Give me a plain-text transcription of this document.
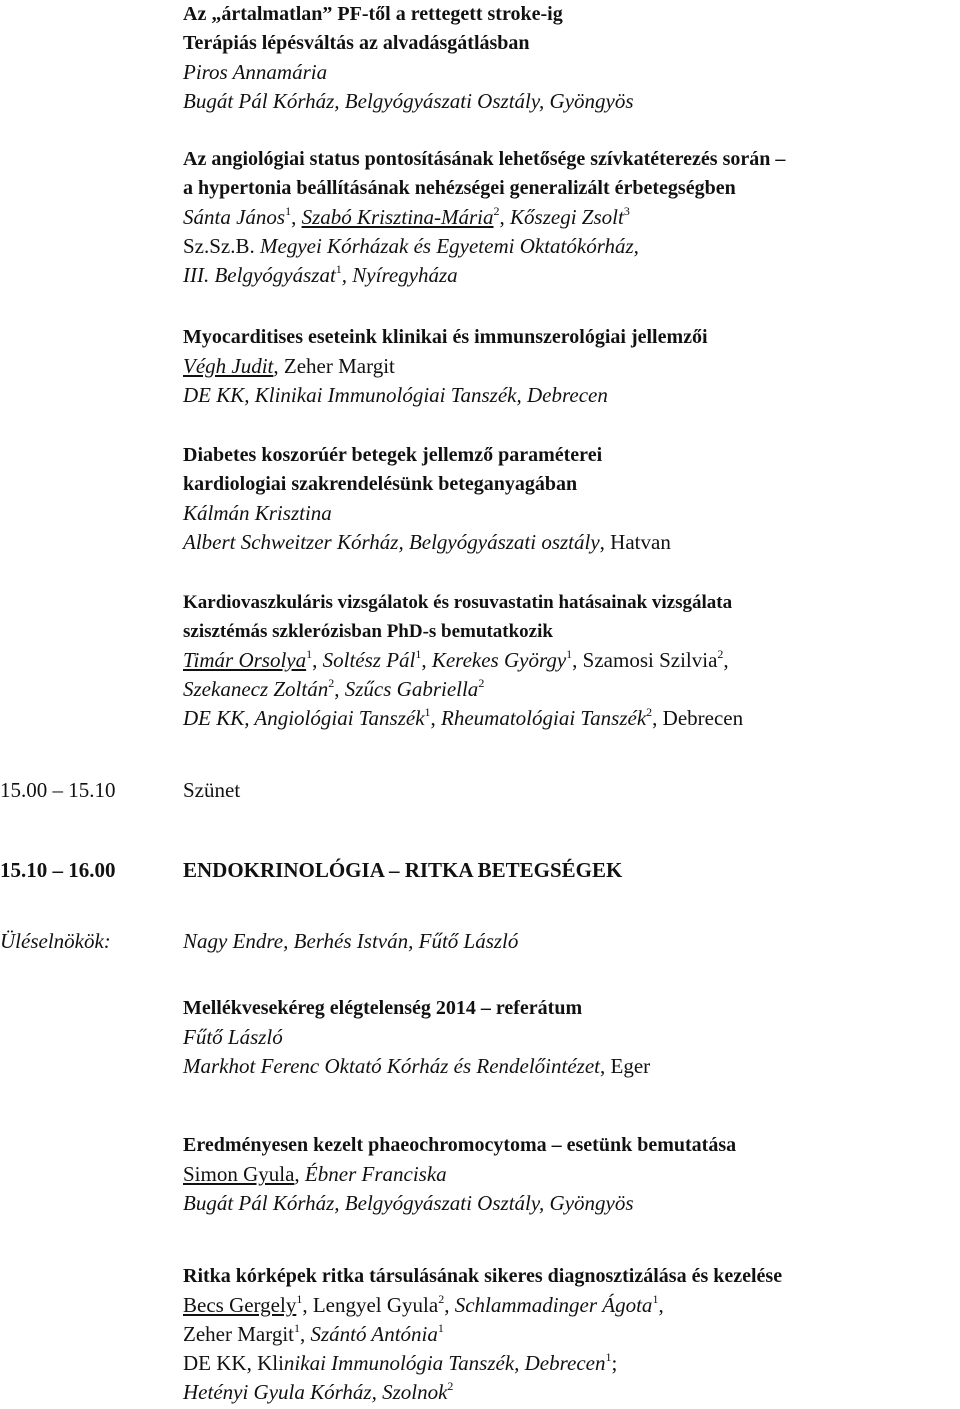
Az „ártalmatlan” PF-től a rettegett stroke-ig
Terápiás lépésváltás az alvadásgátlásban
Piros Annamária
Bugát Pál Kórház, Belgyógyászati Osztály, Gyöngyös
Az angiológiai status pontosításának lehetősége szívkatéterezés során –
a hypertonia beállításának nehézségei generalizált érbetegségben
Sánta János$^1$, Szabó Krisztina-Mária$^2$, Kőszegi Zsolt$^3$
Sz.Sz.B. Megyei Kórházak és Egyetemi Oktatókórház,
III. Belgyógyászat$^1$, Nyíregyháza
Myocarditises eseteink klinikai és immunszerológiai jellemzői
Végh Judit, Zeher Margit
DE KK, Klinikai Immunológiai Tanszék, Debrecen
Diabetes koszorúér betegek jellemző paraméterei
kardiologiai szakrendelésünk beteganyagában
Kálmán Krisztina
Albert Schweitzer Kórház, Belgyógyászati osztály, Hatvan
Kardiovaszkuláris vizsgálatok és rosuvastatin hatásainak vizsgálata
szisztémás szklerózisban PhD-s bemutatkozik
Timár Orsolya$^1$, Soltész Pál$^1$, Kerekes György$^1$, Szamosi Szilvia$^2$,
Szekanecz Zoltán$^2$, Szűcs Gabriella$^2$
DE KK, Angiológiai Tanszék$^1$, Rheumatológiai Tanszék$^2$, Debrecen
15.00 – 15.10	Szünet
15.10 – 16.00	ENDOKRINOLÓGIA – RITKA BETEGSÉGEK
Üléselnökök:	Nagy Endre, Berhés István, Fűtő László
Mellékvesekéreg elégtelenség 2014 – referátum
Fűtő László
Markhot Ferenc Oktató Kórház és Rendelőintézet, Eger
Eredményesen kezelt phaeochromocytoma – esetünk bemutatása
Simon Gyula, Ébner Franciska
Bugát Pál Kórház, Belgyógyászati Osztály, Gyöngyös
Ritka kórképek ritka társulásának sikeres diagnosztizálása és kezelése
Becs Gergely$^1$, Lengyel Gyula$^2$, Schlammadinger Ágota$^1$,
Zeher Margit$^1$, Szántó Antónia$^1$
DE KK, Klinikai Immunológia Tanszék, Debrecen$^1$;
Hetényi Gyula Kórház, Szolnok$^2$
